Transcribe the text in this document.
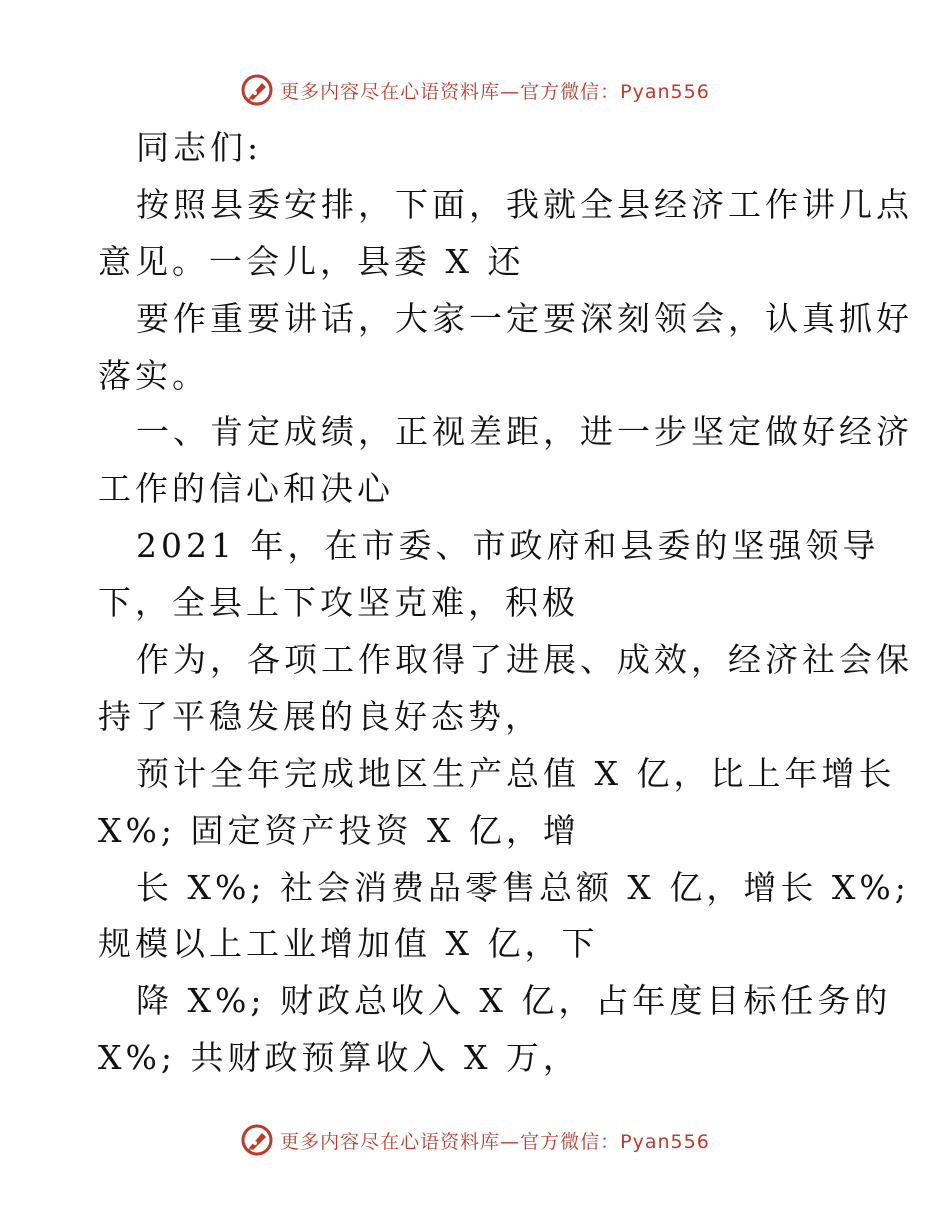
更多内容尽在心语资料库—官方微信：Pyan556
同志们:
按照县委安排，下面，我就全县经济工作讲几点
意见。一会儿，县委 X 还
要作重要讲话，大家一定要深刻领会，认真抓好
落实。
一、肯定成绩，正视差距，进一步坚定做好经济
工作的信心和决心
2021 年，在市委、市政府和县委的坚强领导
下，全县上下攻坚克难，积极
作为，各项工作取得了进展、成效，经济社会保
持了平稳发展的良好态势，
预计全年完成地区生产总值 X 亿，比上年增长
X%; 固定资产投资 X 亿，增
长 X%; 社会消费品零售总额 X 亿，增长 X%;
规模以上工业增加值 X 亿，下
降 X%; 财政总收入 X 亿，占年度目标任务的
X%; 共财政预算收入 X 万，
更多内容尽在心语资料库—官方微信：Pyan556
